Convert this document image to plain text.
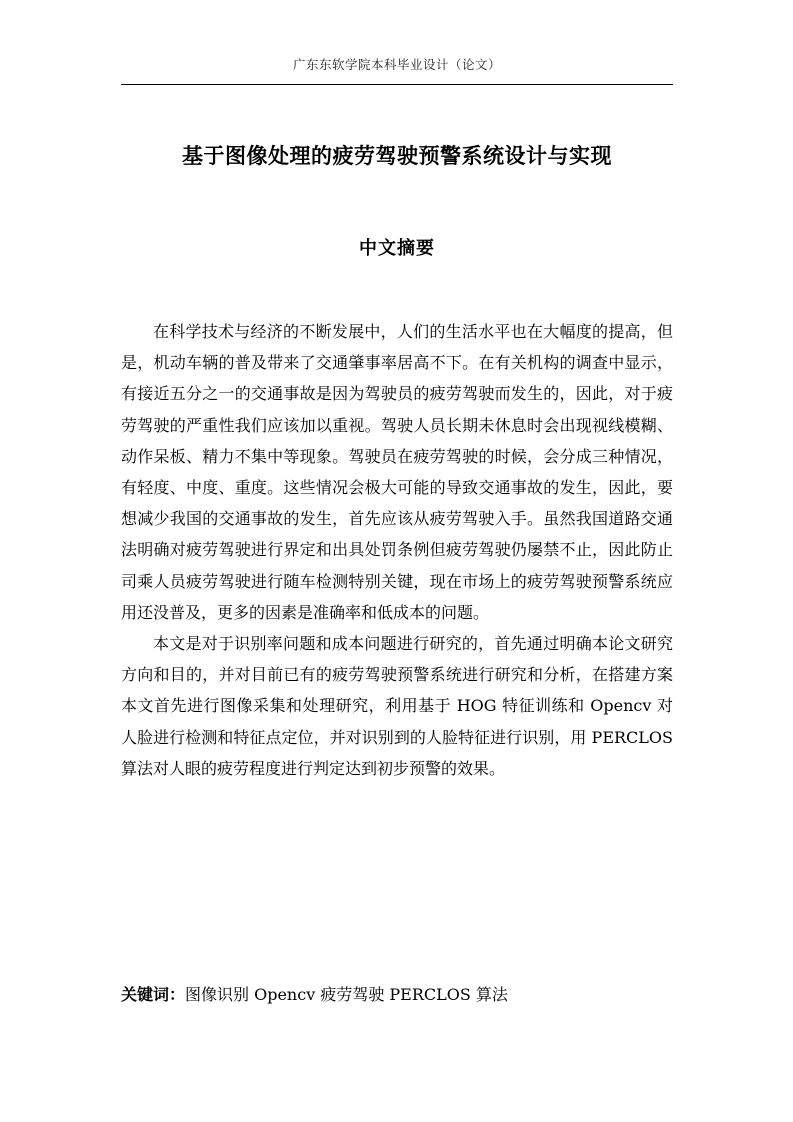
广东东软学院本科毕业设计（论文）
基于图像处理的疲劳驾驶预警系统设计与实现
中文摘要

在科学技术与经济的不断发展中，人们的生活水平也在大幅度的提高，但是，机动车辆的普及带来了交通肇事率居高不下。在有关机构的调查中显示，有接近五分之一的交通事故是因为驾驶员的疲劳驾驶而发生的，因此，对于疲劳驾驶的严重性我们应该加以重视。驾驶人员长期未休息时会出现视线模糊、动作呆板、精力不集中等现象。驾驶员在疲劳驾驶的时候，会分成三种情况，有轻度、中度、重度。这些情况会极大可能的导致交通事故的发生，因此，要想减少我国的交通事故的发生，首先应该从疲劳驾驶入手。虽然我国道路交通法明确对疲劳驾驶进行界定和出具处罚条例但疲劳驾驶仍屡禁不止，因此防止司乘人员疲劳驾驶进行随车检测特别关键，现在市场上的疲劳驾驶预警系统应用还没普及，更多的因素是准确率和低成本的问题。

本文是对于识别率问题和成本问题进行研究的，首先通过明确本论文研究方向和目的，并对目前已有的疲劳驾驶预警系统进行研究和分析，在搭建方案本文首先进行图像采集和处理研究，利用基于 HOG 特征训练和 Opencv 对人脸进行检测和特征点定位，并对识别到的人脸特征进行识别，用 PERCLOS 算法对人眼的疲劳程度进行判定达到初步预警的效果。

关键词：图像识别 Opencv 疲劳驾驶 PERCLOS 算法
